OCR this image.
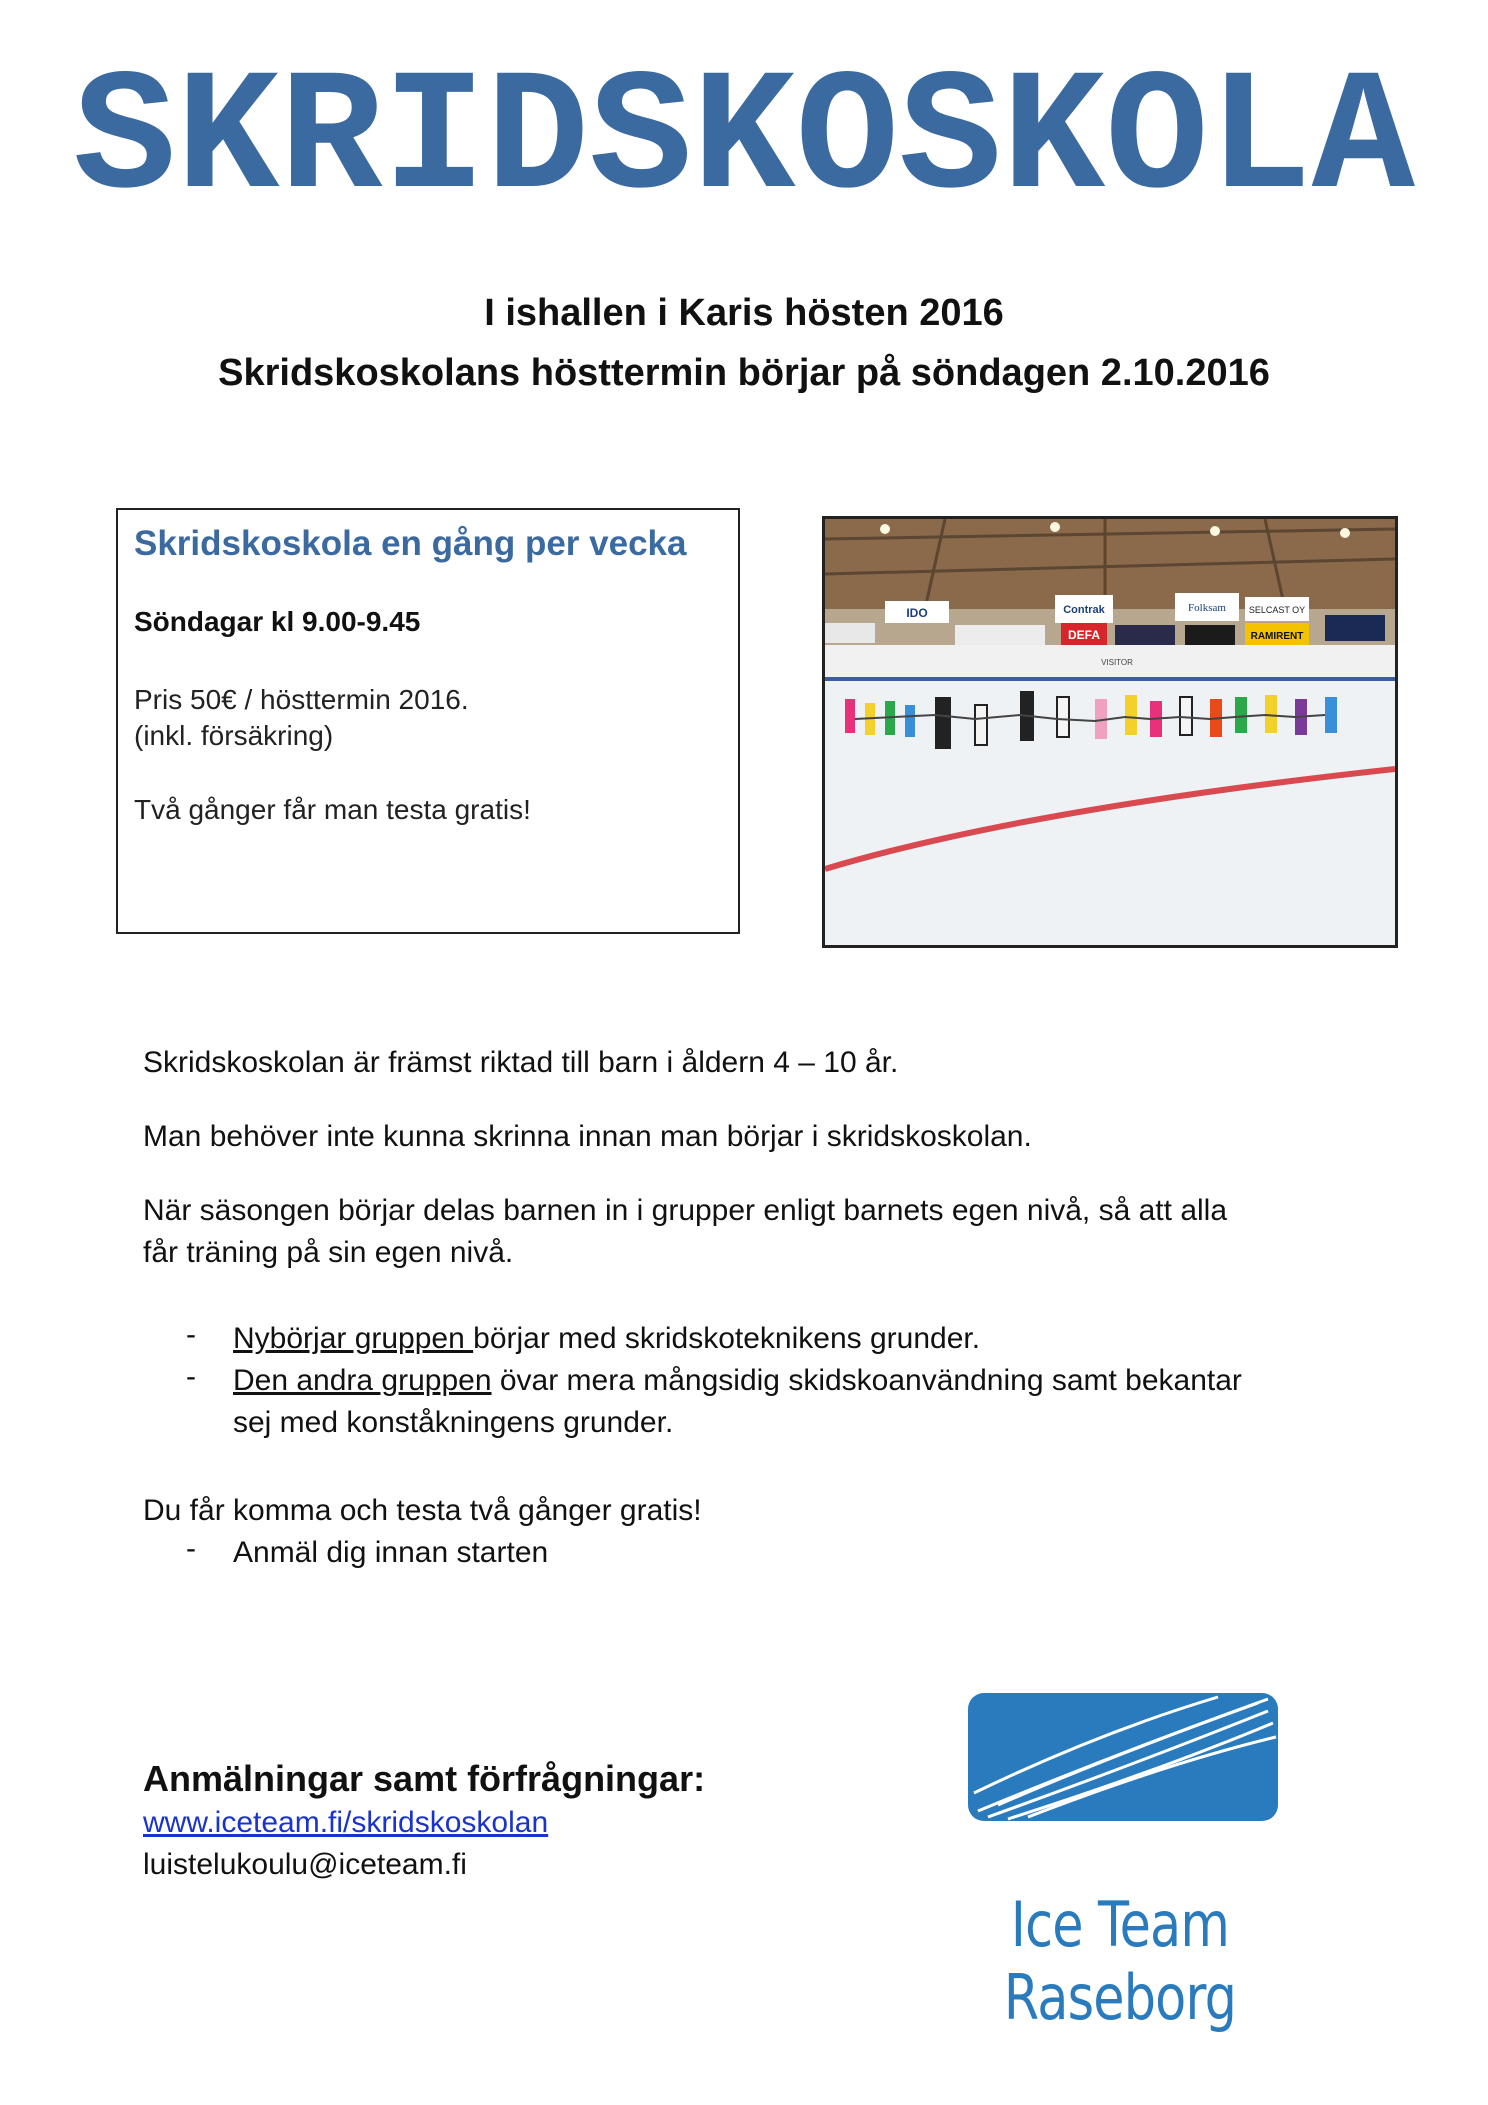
SKRIDSKOSKOLA
I ishallen i Karis hösten 2016
Skridskoskolans hösttermin börjar på söndagen 2.10.2016
Skridskoskola en gång per vecka
Söndagar kl 9.00-9.45
Pris 50€ / hösttermin 2016.
(inkl. försäkring)
Två gånger får man testa gratis!
IDO	Contrak	Folksam	SELCAST OY
DEFA	RAMIRENT
VISITOR
Skridskoskolan är främst riktad till barn i åldern 4 – 10 år.
Man behöver inte kunna skrinna innan man börjar i skridskoskolan.
När säsongen börjar delas barnen in i grupper enligt barnets egen nivå, så att alla
får träning på sin egen nivå.
- Nybörjar gruppen börjar med skridskoteknikens grunder.
- Den andra gruppen övar mera mångsidig skidskoanvändning samt bekantar
sej med konståkningens grunder.
Du får komma och testa två gånger gratis!
- Anmäl dig innan starten
Anmälningar samt förfrågningar:
www.iceteam.fi/skridskoskolan
luistelukoulu@iceteam.fi
Ice Team Raseborg
